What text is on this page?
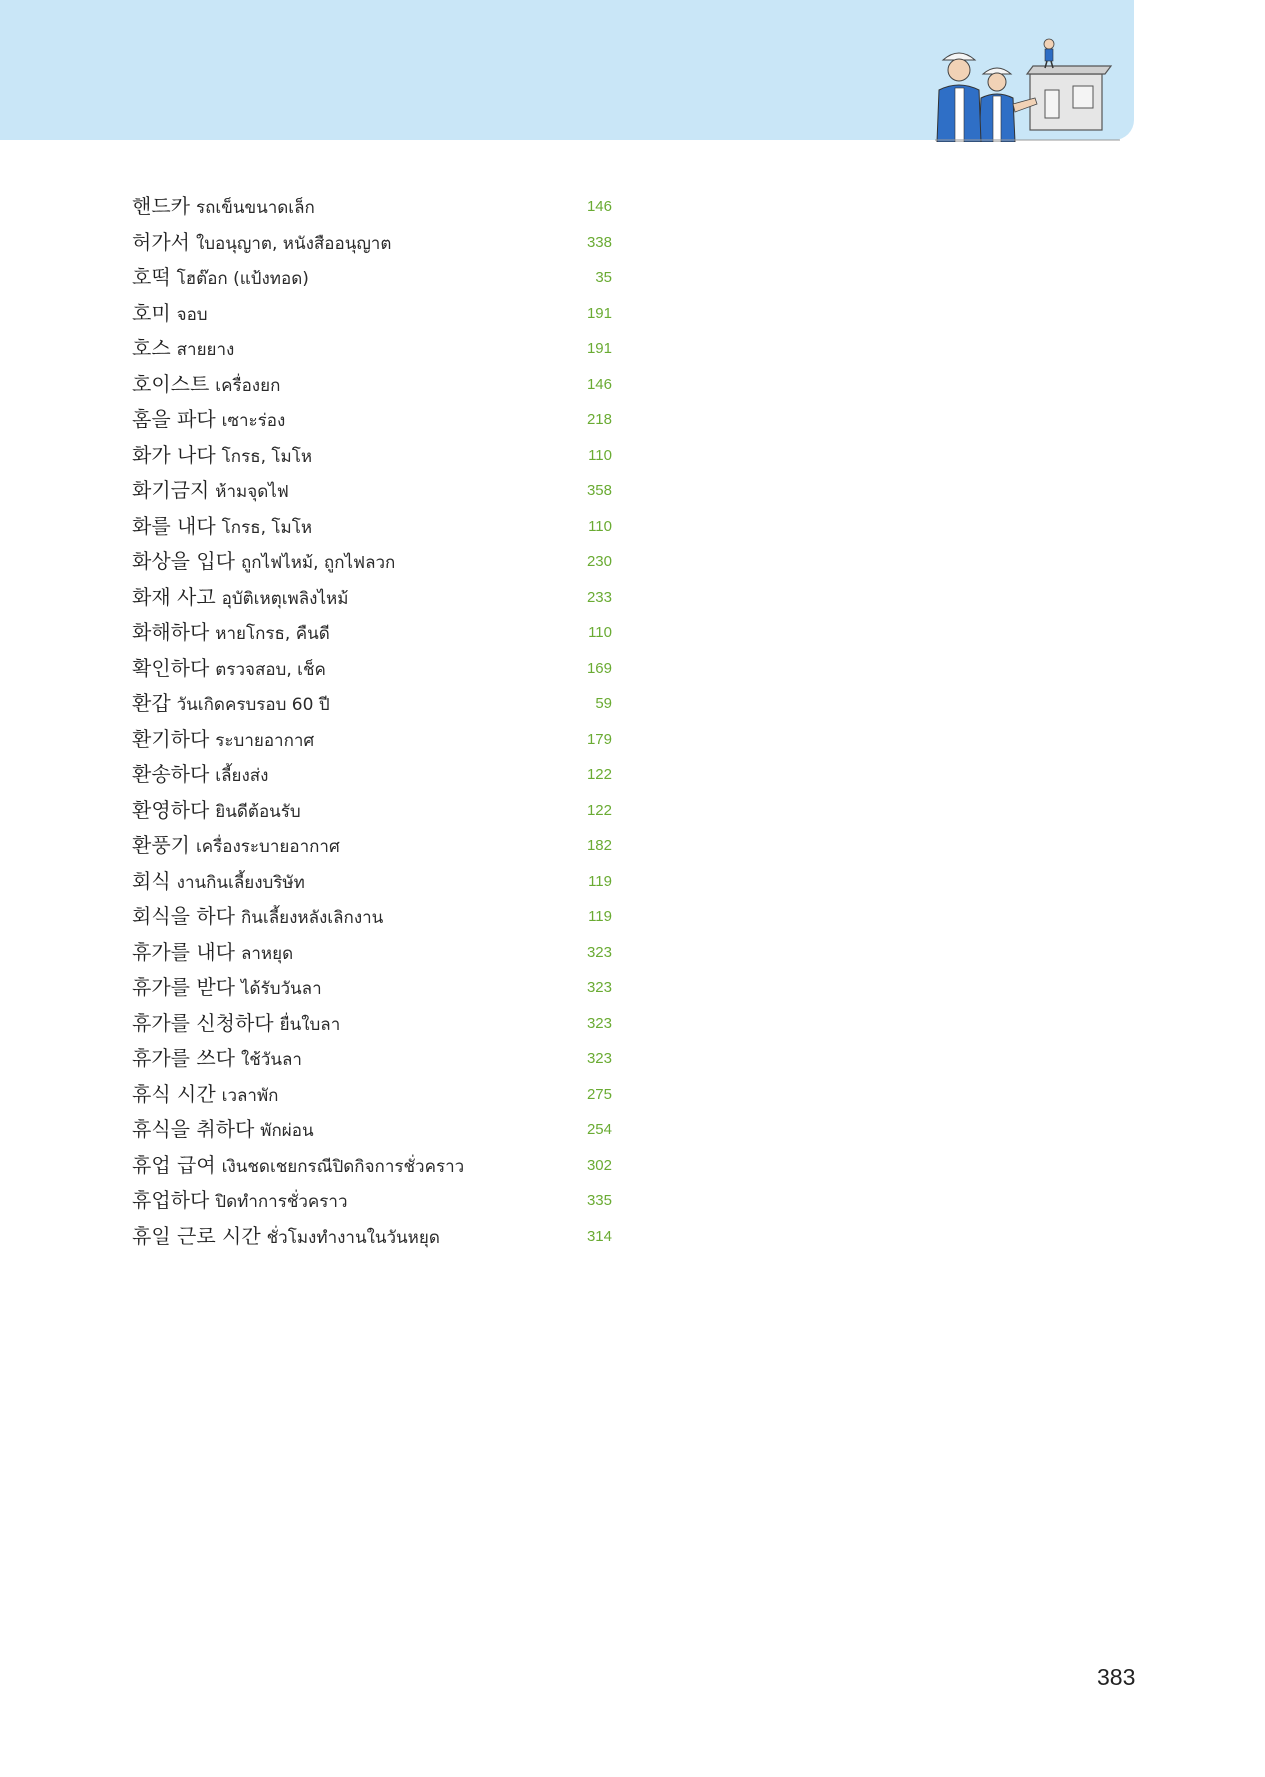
핸드카 รถเข็นขนาดเล็ก	146
허가서 ใบอนุญาต, หนังสืออนุญาต	338
호떡 โฮต๊อก (แป้งทอด)	35
호미 จอบ	191
호스 สายยาง	191
호이스트 เครื่องยก	146
홈을 파다 เซาะร่อง	218
화가 나다 โกรธ, โมโห	110
화기금지 ห้ามจุดไฟ	358
화를 내다 โกรธ, โมโห	110
화상을 입다 ถูกไฟไหม้, ถูกไฟลวก	230
화재 사고 อุบัติเหตุเพลิงไหม้	233
화해하다 หายโกรธ, คืนดี	110
확인하다 ตรวจสอบ, เช็ค	169
환갑 วันเกิดครบรอบ 60 ปี	59
환기하다 ระบายอากาศ	179
환송하다 เลี้ยงส่ง	122
환영하다 ยินดีต้อนรับ	122
환풍기 เครื่องระบายอากาศ	182
회식 งานกินเลี้ยงบริษัท	119
회식을 하다 กินเลี้ยงหลังเลิกงาน	119
휴가를 내다 ลาหยุด	323
휴가를 받다 ได้รับวันลา	323
휴가를 신청하다 ยื่นใบลา	323
휴가를 쓰다 ใช้วันลา	323
휴식 시간 เวลาพัก	275
휴식을 취하다 พักผ่อน	254
휴업 급여 เงินชดเชยกรณีปิดกิจการชั่วคราว	302
휴업하다 ปิดทำการชั่วคราว	335
휴일 근로 시간 ชั่วโมงทำงานในวันหยุด	314
383
